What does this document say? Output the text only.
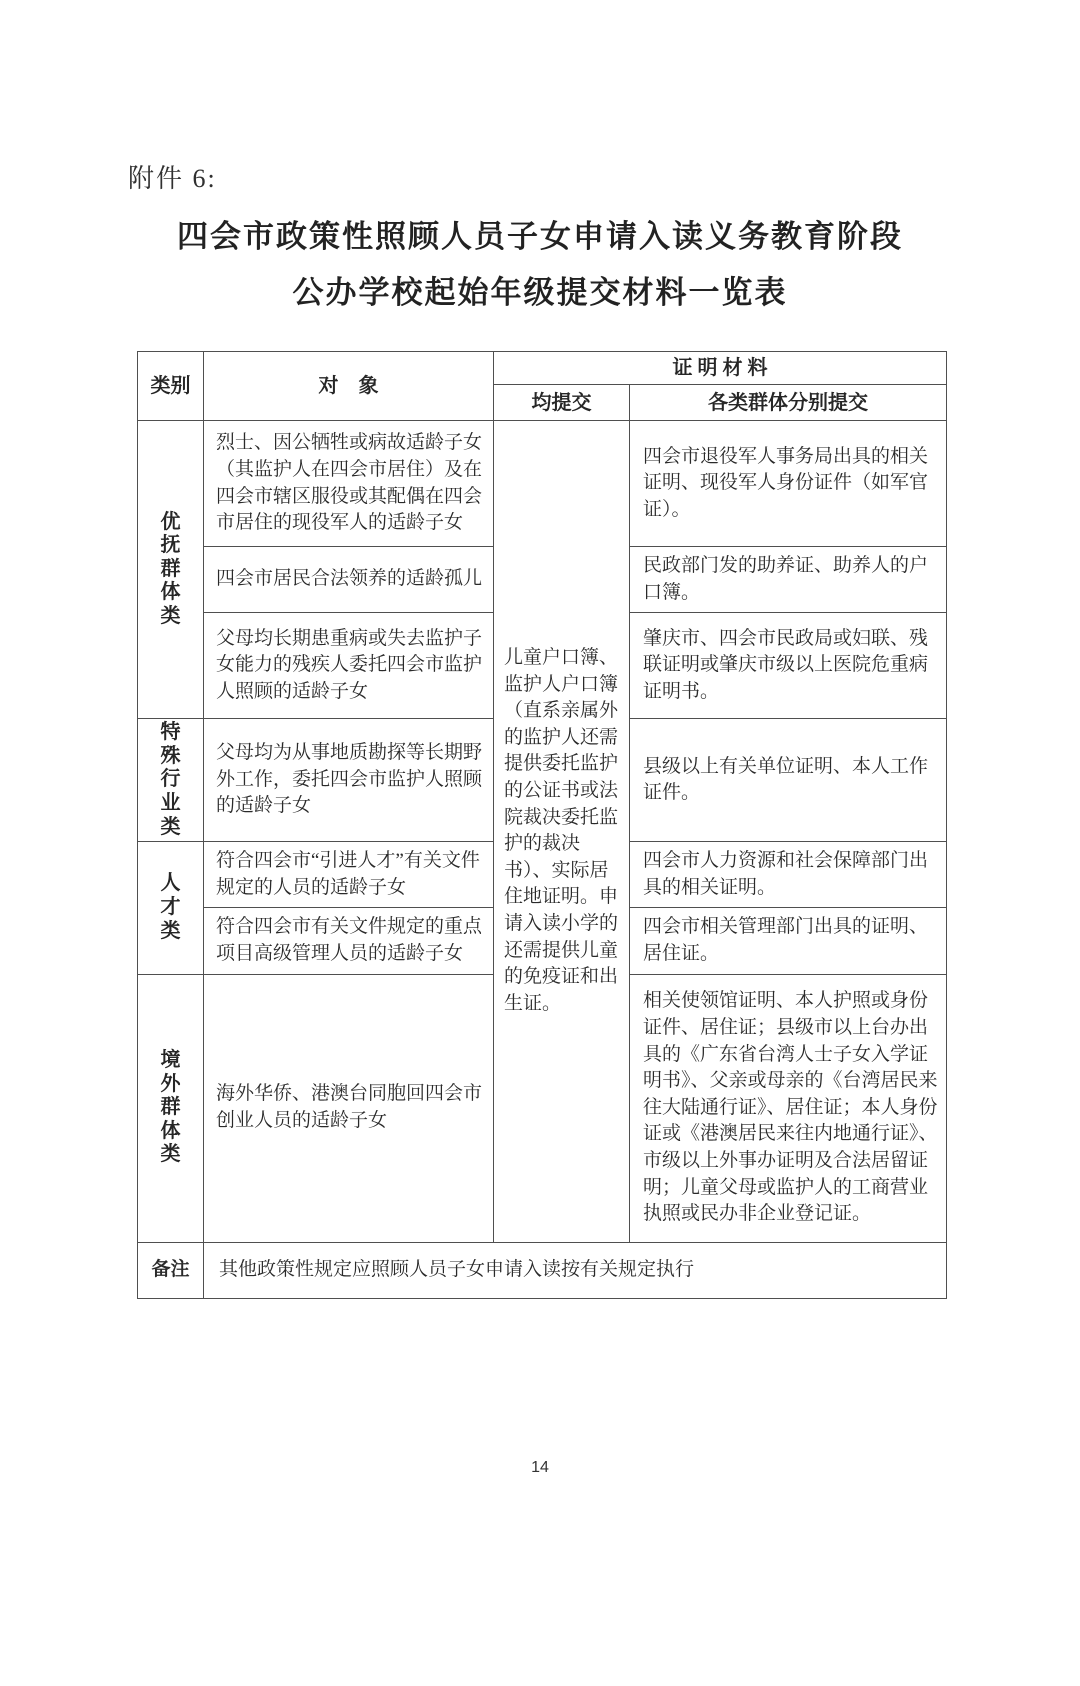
附件 6:
四会市政策性照顾人员子女申请入读义务教育阶段
公办学校起始年级提交材料一览表
类别	对　象	证 明 材 料	
		均提交	各类群体分别提交

优抚群体类	烈士、因公牺牲或病故适龄子女（其监护人在四会市居住）及在四会市辖区服役或其配偶在四会市居住的现役军人的适龄子女	儿童户口簿、监护人户口簿（直系亲属外的监护人还需提供委托监护的公证书或法院裁决委托监护的裁决书）、实际居住地证明。申请入读小学的还需提供儿童的免疫证和出生证。	四会市退役军人事务局出具的相关证明、现役军人身份证件（如军官证）。
	四会市居民合法领养的适龄孤儿		民政部门发的助养证、助养人的户口簿。
	父母均长期患重病或失去监护子女能力的残疾人委托四会市监护人照顾的适龄子女		肇庆市、四会市民政局或妇联、残联证明或肇庆市级以上医院危重病证明书。

特殊行业类	父母均为从事地质勘探等长期野外工作，委托四会市监护人照顾的适龄子女		县级以上有关单位证明、本人工作证件。

人才类	符合四会市“引进人才”有关文件规定的人员的适龄子女		四会市人力资源和社会保障部门出具的相关证明。
	符合四会市有关文件规定的重点项目高级管理人员的适龄子女		四会市相关管理部门出具的证明、居住证。

境外群体类	海外华侨、港澳台同胞回四会市创业人员的适龄子女		相关使领馆证明、本人护照或身份证件、居住证；县级市以上台办出具的《广东省台湾人士子女入学证明书》、父亲或母亲的《台湾居民来往大陆通行证》、居住证；本人身份证或《港澳居民来往内地通行证》、市级以上外事办证明及合法居留证明；儿童父母或监护人的工商营业执照或民办非企业登记证。
备注	其他政策性规定应照顾人员子女申请入读按有关规定执行		
14
